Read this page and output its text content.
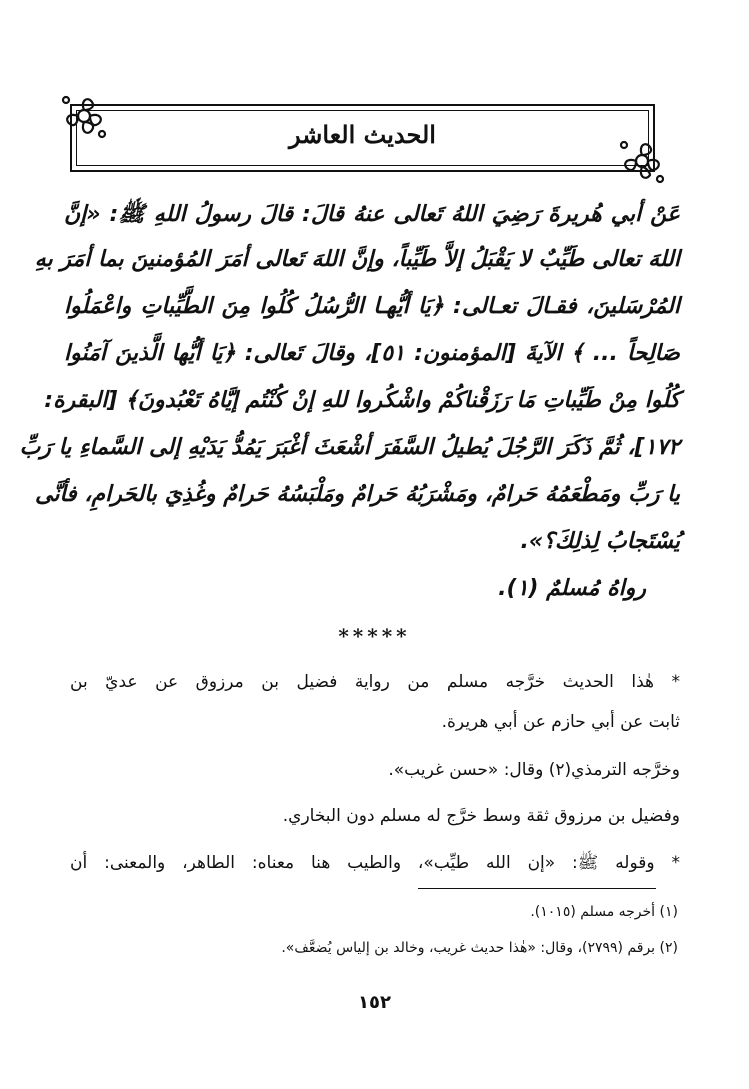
الحديث العاشر

عَنْ أبي هُريرةَ رَضِيَ اللهُ تَعالى عنهُ قالَ: قالَ رسولُ اللهِ ﷺ: «إنَّ

اللهَ تعالى طَيِّبٌ لا يَقْبَلُ إلاَّ طَيِّباً، وإنَّ اللهَ تَعالى أمَرَ المُؤمنينَ بما أمَرَ بهِ

المُرْسَلينَ، فقـالَ تعـالى: ﴿يَا أيُّهـا الرُّسُلُ كُلُوا مِنَ الطَّيِّباتِ واعْمَلُوا

صَالِحاً ... ﴾ الآيةَ [المؤمنون: ٥١]، وقالَ تَعالى: ﴿يَا أيُّها الَّذينَ آمَنُوا

كُلُوا مِنْ طَيِّباتِ مَا رَزَقْناكُمْ واشْكُروا للهِ إنْ كُنْتُم إيَّاهُ تَعْبُدونَ﴾ [البقرة:

١٧٢]، ثُمَّ ذَكَرَ الرَّجُلَ يُطيلُ السَّفَرَ أشْعَثَ أغْبَرَ يَمُدُّ يَدَيْهِ إلى السَّماءِ يا رَبِّ

يا رَبِّ ومَطْعَمُهُ حَرامٌ، ومَشْرَبُهُ حَرامٌ ومَلْبَسُهُ حَرامٌ وغُذِيَ بالحَرامِ، فأنَّى

يُسْتَجابُ لِذلِكَ؟».

رواهُ مُسلمٌ (١).

*****

* هٰذا الحديث خرَّجه مسلم من رواية فضيل بن مرزوق عن عديّ بن

ثابت عن أبي حازم عن أبي هريرة.

وخرَّجه الترمذي(٢) وقال: «حسن غريب».

وفضيل بن مرزوق ثقة وسط خرَّج له مسلم دون البخاري.

* وقوله ﷺ: «إن الله طيِّب»، والطيب هنا معناه: الطاهر، والمعنى: أن

(١) أخرجه مسلم (١٠١٥).

(٢) برقم (٢٧٩٩)، وقال: «هٰذا حديث غريب، وخالد بن إلياس يُضعَّف».

١٥٢
